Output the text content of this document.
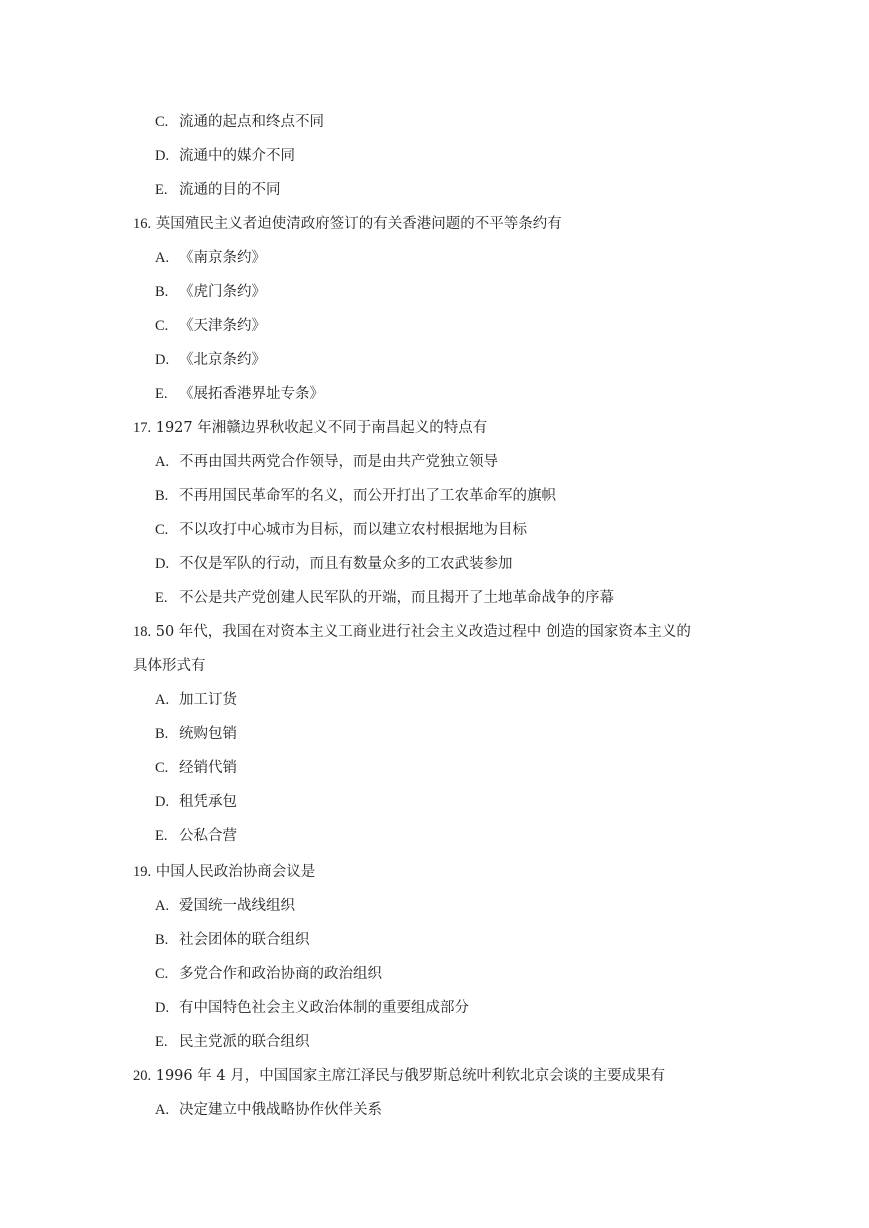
C. 流通的起点和终点不同
D. 流通中的媒介不同
E. 流通的目的不同
16. 英国殖民主义者迫使清政府签订的有关香港问题的不平等条约有
A. 《南京条约》
B. 《虎门条约》
C. 《天津条约》
D. 《北京条约》
E. 《展拓香港界址专条》
17. 1927 年湘赣边界秋收起义不同于南昌起义的特点有
A. 不再由国共两党合作领导，而是由共产党独立领导
B. 不再用国民革命军的名义，而公开打出了工农革命军的旗帜
C. 不以攻打中心城市为目标，而以建立农村根据地为目标
D. 不仅是军队的行动，而且有数量众多的工农武装参加
E. 不公是共产党创建人民军队的开端，而且揭开了土地革命战争的序幕
18. 50 年代，我国在对资本主义工商业进行社会主义改造过程中 创造的国家资本主义的
具体形式有
A. 加工订货
B. 统购包销
C. 经销代销
D. 租凭承包
E. 公私合营
19. 中国人民政治协商会议是
A. 爱国统一战线组织
B. 社会团体的联合组织
C. 多党合作和政治协商的政治组织
D. 有中国特色社会主义政治体制的重要组成部分
E. 民主党派的联合组织
20. 1996 年 4 月，中国国家主席江泽民与俄罗斯总统叶利钦北京会谈的主要成果有
A. 决定建立中俄战略协作伙伴关系
